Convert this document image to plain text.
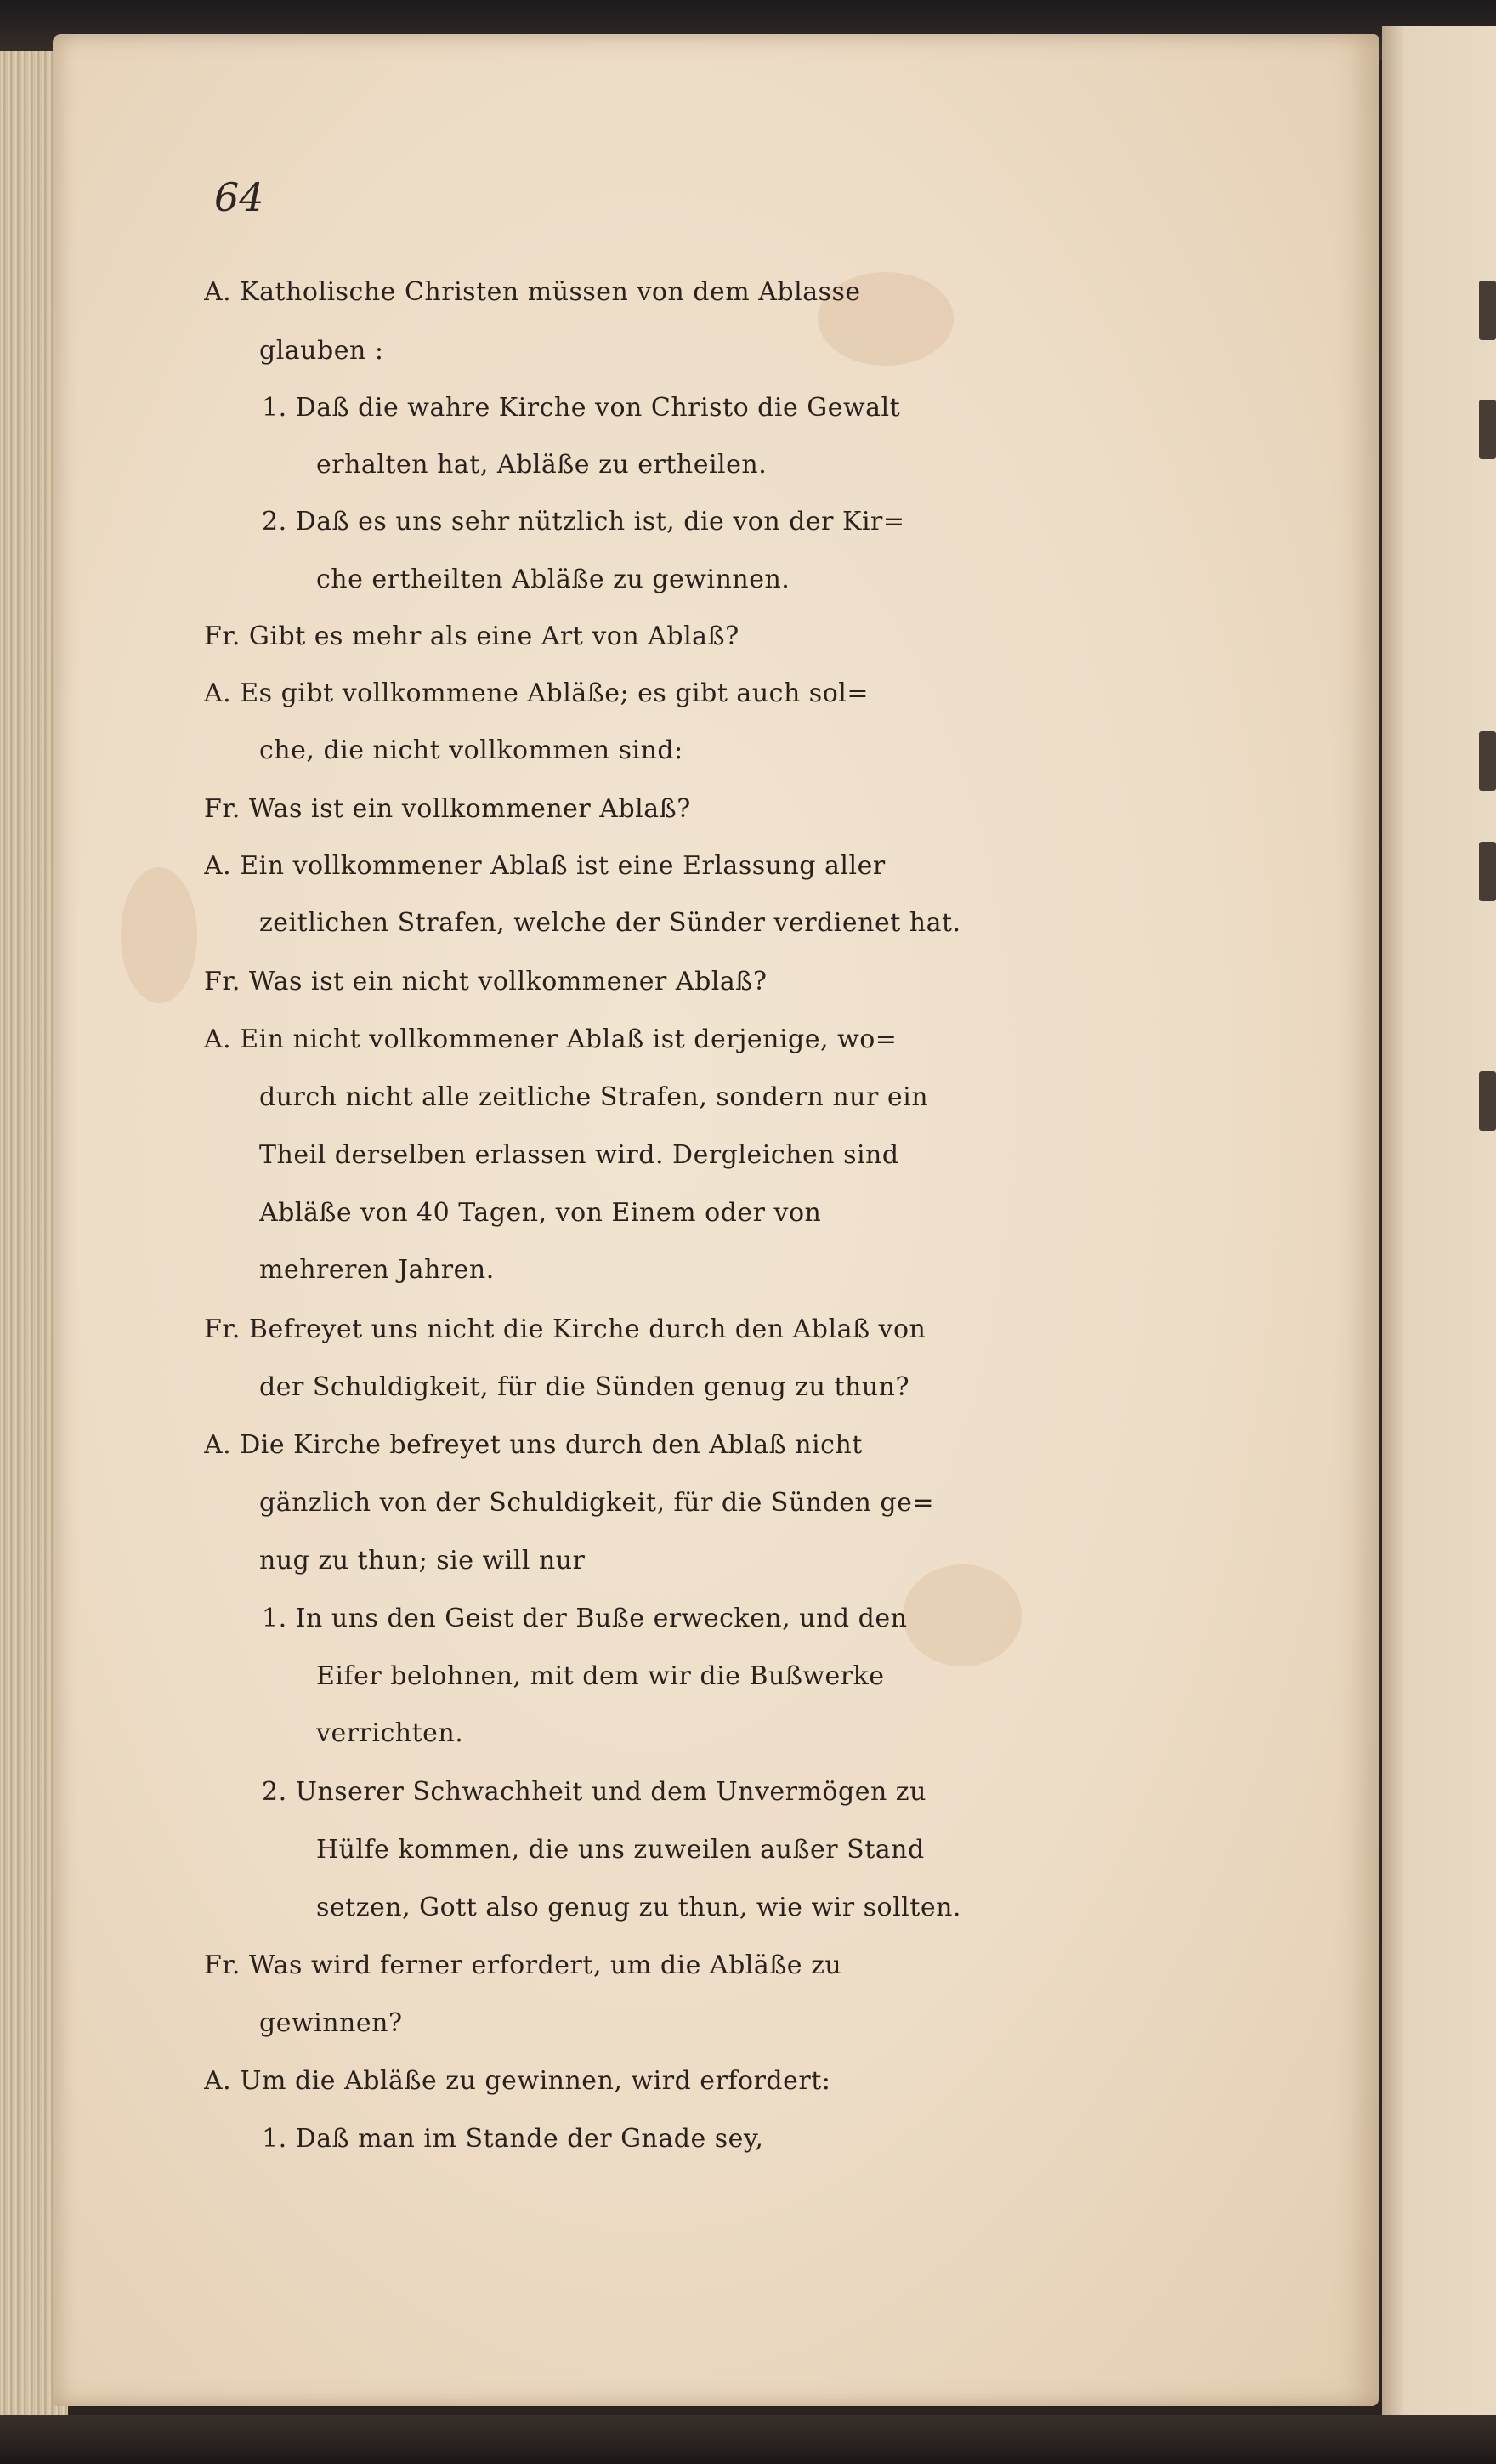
64
A. Katholische Christen müssen von dem Ablasse
glauben :
1. Daß die wahre Kirche von Christo die Gewalt
erhalten hat, Abläße zu ertheilen.
2. Daß es uns sehr nützlich ist, die von der Kir=
che ertheilten Abläße zu gewinnen.
Fr. Gibt es mehr als eine Art von Ablaß?
A. Es gibt vollkommene Abläße; es gibt auch sol=
che, die nicht vollkommen sind:
Fr. Was ist ein vollkommener Ablaß?
A. Ein vollkommener Ablaß ist eine Erlassung aller
zeitlichen Strafen, welche der Sünder verdienet hat.
Fr. Was ist ein nicht vollkommener Ablaß?
A. Ein nicht vollkommener Ablaß ist derjenige, wo=
durch nicht alle zeitliche Strafen, sondern nur ein
Theil derselben erlassen wird. Dergleichen sind
Abläße von 40 Tagen, von Einem oder von
mehreren Jahren.
Fr. Befreyet uns nicht die Kirche durch den Ablaß von
der Schuldigkeit, für die Sünden genug zu thun?
A. Die Kirche befreyet uns durch den Ablaß nicht
gänzlich von der Schuldigkeit, für die Sünden ge=
nug zu thun; sie will nur
1. In uns den Geist der Buße erwecken, und den
Eifer belohnen, mit dem wir die Bußwerke
verrichten.
2. Unserer Schwachheit und dem Unvermögen zu
Hülfe kommen, die uns zuweilen außer Stand
setzen, Gott also genug zu thun, wie wir sollten.
Fr. Was wird ferner erfordert, um die Abläße zu
gewinnen?
A. Um die Abläße zu gewinnen, wird erfordert:
1. Daß man im Stande der Gnade sey,
